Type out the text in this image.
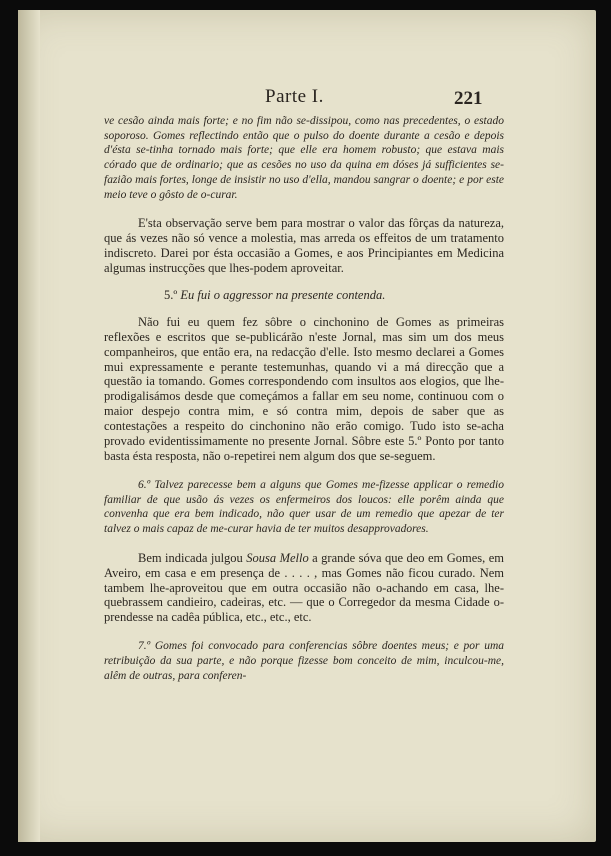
Parte I.	221

ve cesão ainda mais forte; e no fim não se-dissipou, como nas precedentes, o estado soporoso. Gomes reflectindo então que o pulso do doente durante a cesão e depois d'ésta se-tinha tornado mais forte; que elle era homem robusto; que estava mais córado que de ordinario; que as cesões no uso da quina em dóses já sufficientes se-fazião mais fortes, longe de insistir no uso d'ella, mandou sangrar o doente; e por este meio teve o gôsto de o-curar.

E'sta observação serve bem para mostrar o valor das fôrças da natureza, que ás vezes não só vence a molestia, mas arreda os effeitos de um tratamento indiscreto. Darei por ésta occasião a Gomes, e aos Principiantes em Medicina algumas instrucções que lhes-podem aproveitar.

5.º Eu fui o aggressor na presente contenda.

Não fui eu quem fez sôbre o cinchonino de Gomes as primeiras reflexões e escritos que se-publicárão n'este Jornal, mas sim um dos meus companheiros, que então era, na redacção d'elle. Isto mesmo declarei a Gomes mui expressamente e perante testemunhas, quando vi a má direcção que a questão ia tomando. Gomes correspondendo com insultos aos elogios, que lhe-prodigalisámos desde que começámos a fallar em seu nome, continuou com o maior despejo contra mim, e só contra mim, depois de saber que as contestações a respeito do cinchonino não erão comigo. Tudo isto se-acha provado evidentissimamente no presente Jornal. Sôbre este 5.º Ponto por tanto basta ésta resposta, não o-repetirei nem algum dos que se-seguem.

6.º Talvez parecesse bem a alguns que Gomes me-fizesse applicar o remedio familiar de que usão ás vezes os enfermeiros dos loucos: elle porêm ainda que convenha que era bem indicado, não quer usar de um remedio que apezar de ter talvez o mais capaz de me-curar havia de ter muitos desapprovadores.

Bem indicada julgou Sousa Mello a grande sóva que deo em Gomes, em Aveiro, em casa e em presença de . . . . , mas Gomes não ficou curado. Nem tambem lhe-aproveitou que em outra occasião não o-achando em casa, lhe-quebrassem candieiro, cadeiras, etc. — que o Corregedor da mesma Cidade o-prendesse na cadêa pública, etc., etc., etc.

7.º Gomes foi convocado para conferencias sôbre doentes meus; e por uma retribuição da sua parte, e não porque fizesse bom conceito de mim, inculcou-me, alêm de outras, para conferen-
